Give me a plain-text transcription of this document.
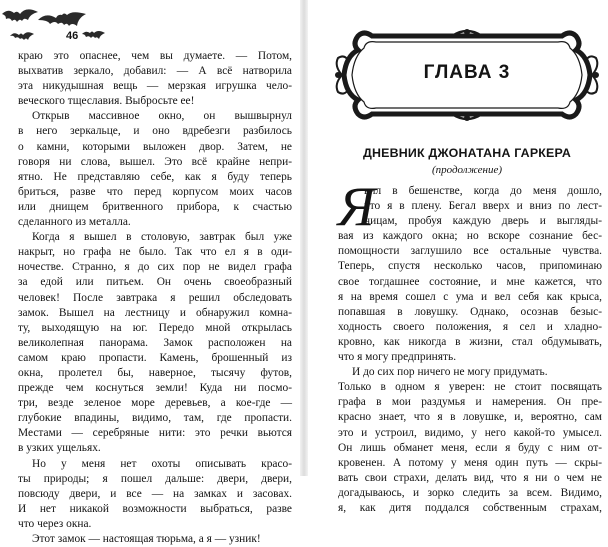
46
краю это опаснее, чем вы думаете. — Потом,
выхватив зеркало, добавил: — А всё натворила
эта никудышная вещь — мерзкая игрушка чело-
веческого тщеславия. Выбросьте ее!
Открыв массивное окно, он вышвырнул
в него зеркальце, и оно вдребезги разбилось
о камни, которыми выложен двор. Затем, не
говоря ни слова, вышел. Это всё крайне непри-
ятно. Не представляю себе, как я буду теперь
бриться, разве что перед корпусом моих часов
или днищем бритвенного прибора, к счастью
сделанного из металла.
Когда я вышел в столовую, завтрак был уже
накрыт, но графа не было. Так что ел я в оди-
ночестве. Странно, я до сих пор не видел графа
за едой или питьем. Он очень своеобразный
человек! После завтрака я решил обследовать
замок. Вышел на лестницу и обнаружил комна-
ту, выходящую на юг. Передо мной открылась
великолепная панорама. Замок расположен на
самом краю пропасти. Камень, брошенный из
окна, пролетел бы, наверное, тысячу футов,
прежде чем коснуться земли! Куда ни посмо-
три, везде зеленое море деревьев, а кое-где —
глубокие впадины, видимо, там, где пропасти.
Местами — серебряные нити: это речки вьются
в узких ущельях.
Но у меня нет охоты описывать красо-
ты природы; я пошел дальше: двери, двери,
повсюду двери, и все — на замках и засовах.
И нет никакой возможности выбраться, разве
что через окна.
Этот замок — настоящая тюрьма, а я — узник!
ГЛАВА 3
ДНЕВНИК ДЖОНАТАНА ГАРКЕРА
(продолжение)
Я
вил в бешенстве, когда до меня дошло,
что я в плену. Бегал вверх и вниз по лест-
ницам, пробуя каждую дверь и выгляды-
вая из каждого окна; но вскоре сознание бес-
помощности заглушило все остальные чувства.
Теперь, спустя несколько часов, припоминаю
свое тогдашнее состояние, и мне кажется, что
я на время сошел с ума и вел себя как крыса,
попавшая в ловушку. Однако, осознав безыс-
ходность своего положения, я сел и хладно-
кровно, как никогда в жизни, стал обдумывать,
что я могу предпринять.
И до сих пор ничего не могу придумать.
Только в одном я уверен: не стоит посвящать
графа в мои раздумья и намерения. Он пре-
красно знает, что я в ловушке, и, вероятно, сам
это и устроил, видимо, у него какой-то умысел.
Он лишь обманет меня, если я буду с ним от-
кровенен. А потому у меня один путь — скры-
вать свои страхи, делать вид, что я ни о чем не
догадываюсь, и зорко следить за всем. Видимо,
я, как дитя поддался собственным страхам,
